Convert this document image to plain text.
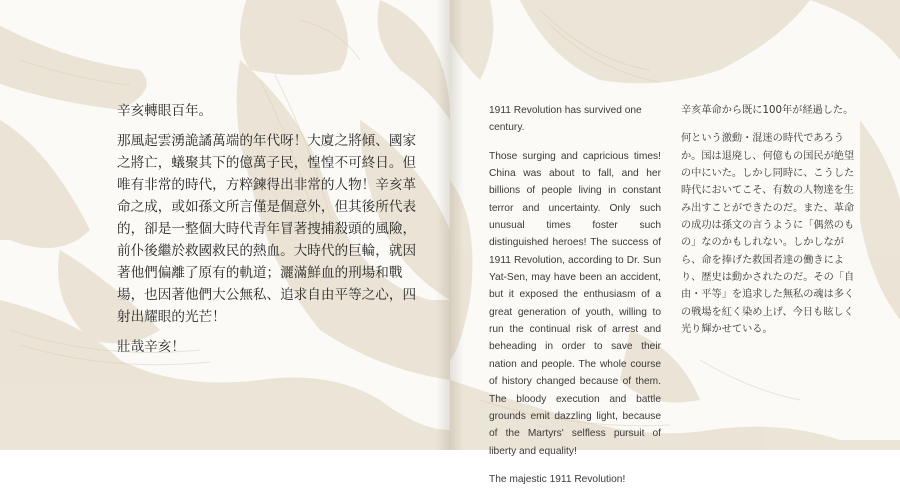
辛亥轉眼百年。

那風起雲湧詭譎萬端的年代呀！大廈之將傾、國家之將亡，蟻聚其下的億萬子民，惶惶不可終日。但唯有非常的時代，方粹鍊得出非常的人物！辛亥革命之成，或如孫文所言僅是個意外，但其後所代表的，卻是一整個大時代青年冒著捜捕殺頭的風險，前仆後繼於救國救民的熱血。大時代的巨輪，就因著他們偏離了原有的軌道；灑滿鮮血的刑場和戰場，也因著他們大公無私、追求自由平等之心，四射出耀眼的光芒！

壯哉辛亥！

1911 Revolution has survived one century.

Those surging and capricious times! China was about to fall, and her billions of people living in constant terror and uncertainty. Only such unusual times foster such distinguished heroes! The success of 1911 Revolution, according to Dr. Sun Yat-Sen, may have been an accident, but it exposed the enthusiasm of a great generation of youth, willing to run the continual risk of arrest and beheading in order to save their nation and people. The whole course of history changed because of them. The bloody execution and battle grounds emit dazzling light, because of the Martyrs' selfless pursuit of liberty and equality!

The majestic 1911 Revolution!

辛亥革命から既に100年が経過した。

何という激動・混迷の時代であろうか。国は退廃し、何億もの国民が絶望の中にいた。しかし同時に、こうした時代においてこそ、有数の人物達を生み出すことができたのだ。また、革命の成功は孫文の言うように「偶然のもの」なのかもしれない。しかしながら、命を捧げた救国者達の働きにより、歴史は動かされたのだ。その「自由・平等」を追求した無私の魂は多くの戦場を紅く染め上げ、今日も眩しく光り輝かせている。
